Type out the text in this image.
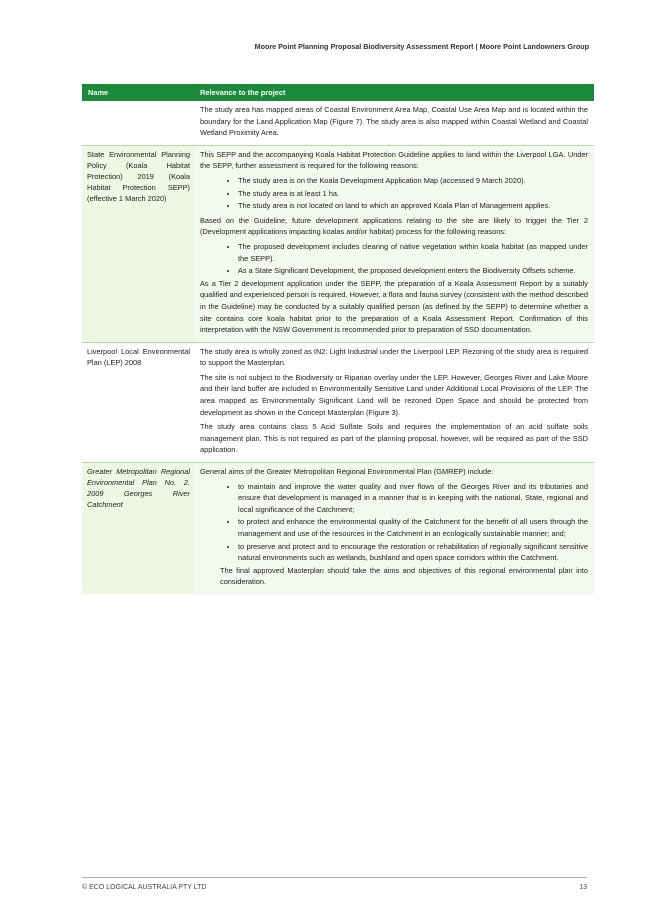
Moore Point Planning Proposal Biodiversity Assessment Report | Moore Point Landowners Group
Name	Relevance to the project

The study area has mapped areas of Coastal Environment Area Map, Coastal Use Area Map and is located within the boundary for the Land Application Map (Figure 7). The study area is also mapped within Coastal Wetland and Coastal Wetland Proximity Area.

State Environmental Planning Policy (Koala Habitat Protection) 2019 (Koala Habitat Protection SEPP) (effective 1 March 2020)

This SEPP and the accompanying Koala Habitat Protection Guideline applies to land within the Liverpool LGA. Under the SEPP, further assessment is required for the following reasons:

• The study area is on the Koala Development Application Map (accessed 9 March 2020).
• The study area is at least 1 ha.
• The study area is not located on land to which an approved Koala Plan of Management applies.

Based on the Guideline, future development applications relating to the site are likely to trigger the Tier 2 (Development applications impacting koalas and/or habitat) process for the following reasons:

• The proposed development includes clearing of native vegetation within koala habitat (as mapped under the SEPP).
• As a State Significant Development, the proposed development enters the Biodiversity Offsets scheme.

As a Tier 2 development application under the SEPP, the preparation of a Koala Assessment Report by a suitably qualified and experienced person is required. However, a flora and fauna survey (consistent with the method described in the Guideline) may be conducted by a suitably qualified person (as defined by the SEPP) to determine whether a site contains core koala habitat prior to the preparation of a Koala Assessment Report. Confirmation of this interpretation with the NSW Government is recommended prior to preparation of SSD documentation.

Liverpool Local Environmental Plan (LEP) 2008

The study area is wholly zoned as IN2: Light Industrial under the Liverpool LEP. Rezoning of the study area is required to support the Masterplan.

The site is not subject to the Biodiversity or Riparian overlay under the LEP. However, Georges River and Lake Moore and their land buffer are included in Environmentally Sensitive Land under Additional Local Provisions of the LEP. The area mapped as Environmentally Significant Land will be rezoned Open Space and should be protected from development as shown in the Concept Masterplan (Figure 3).

The study area contains class 5 Acid Sulfate Soils and requires the implementation of an acid sulfate soils management plan. This is not required as part of the planning proposal, however, will be required as part of the SSD application.

Greater Metropolitan Regional Environmental Plan No. 2. 2009 Georges River Catchment

General aims of the Greater Metropolitan Regional Environmental Plan (GMREP) include:

• to maintain and improve the water quality and river flows of the Georges River and its tributaries and ensure that development is managed in a manner that is in keeping with the national, State, regional and local significance of the Catchment;
• to protect and enhance the environmental quality of the Catchment for the benefit of all users through the management and use of the resources in the Catchment in an ecologically sustainable manner; and;
• to preserve and protect and to encourage the restoration or rehabilitation of regionally significant sensitive natural environments such as wetlands, bushland and open space corridors within the Catchment.

The final approved Masterplan should take the aims and objectives of this regional environmental plan into consideration.

© ECO LOGICAL AUSTRALIA PTY LTD	13
